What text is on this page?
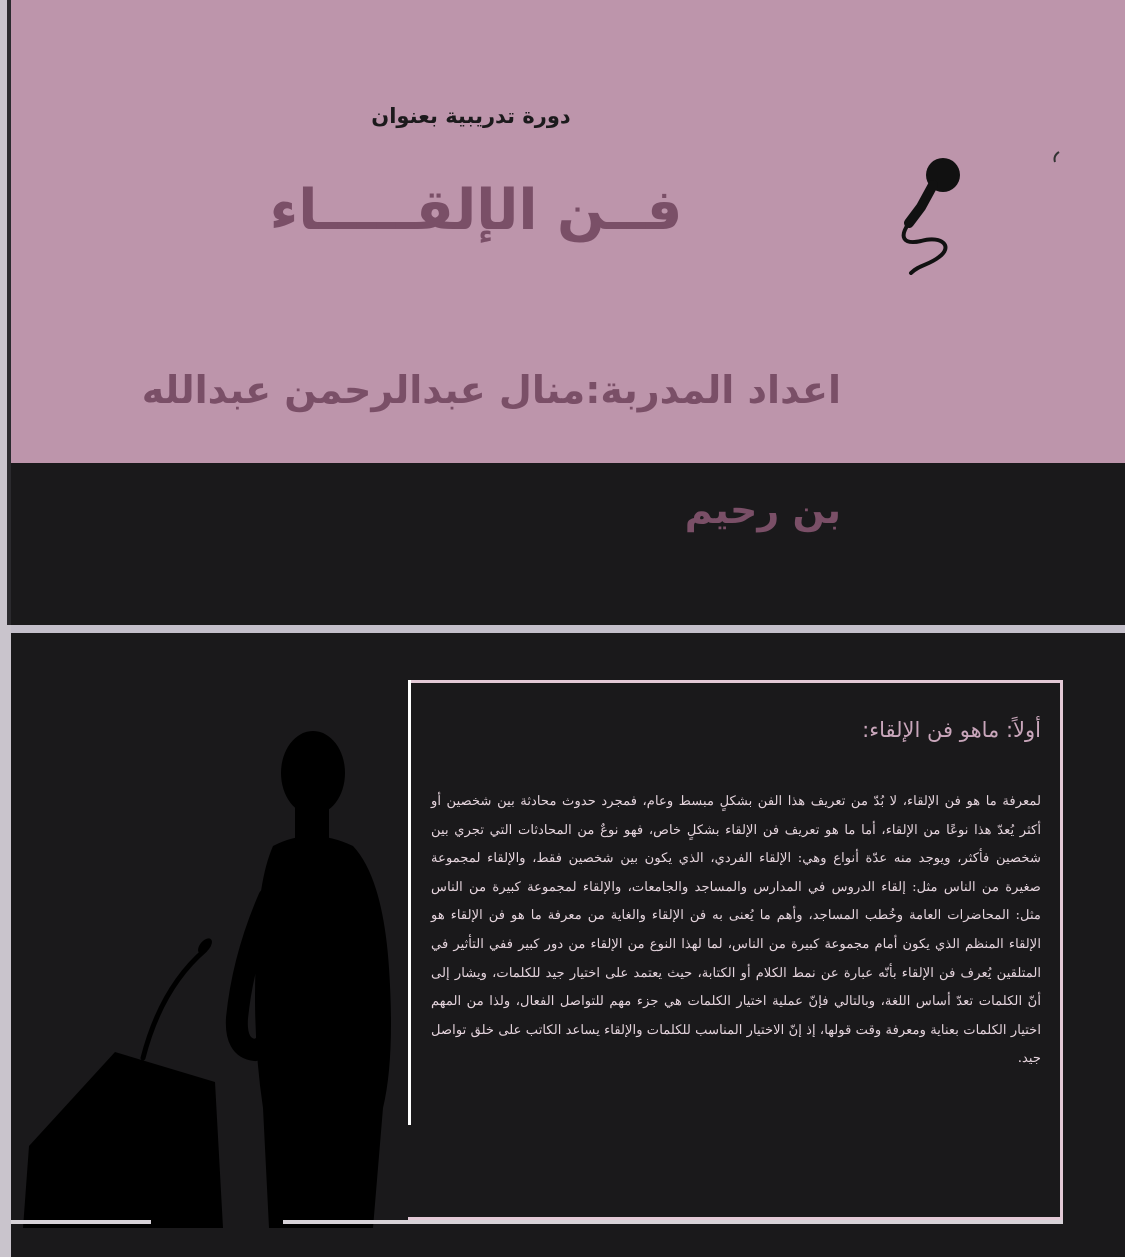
دورة تدريبية بعنوان
فــن الإلقـــــاء
اعداد المدربة:منال عبدالرحمن عبدالله بن رحيم
:أولاً: ماهو فن الإلقاء

لمعرفة ما هو فن الإلقاء، لا بُدّ من تعريف هذا الفن بشكلٍ مبسط وعام، فمجرد حدوث محادثة بين شخصين أو أكثر يُعدّ هذا نوعًا من الإلقاء، أما ما هو تعريف فن الإلقاء بشكلٍ خاص، فهو نوعٌ من المحادثات التي تجري بين شخصين فأكثر، ويوجد منه عدّة أنواع وهي: الإلقاء الفردي، الذي يكون بين شخصين فقط، والإلقاء لمجموعة صغيرة من الناس مثل: إلقاء الدروس في المدارس والمساجد والجامعات، والإلقاء لمجموعة كبيرة من الناس مثل: المحاضرات العامة وخُطب المساجد، وأهم ما يُعنى به فن الإلقاء والغاية من معرفة ما هو فن الإلقاء هو الإلقاء المنظم الذي يكون أمام مجموعة كبيرة من الناس، لما لهذا النوع من الإلقاء من دور كبير ففي التأثير في المتلقين يُعرف فن الإلقاء بأنّه عبارة عن نمط الكلام أو الكتابة، حيث يعتمد على اختيار جيد للكلمات، ويشار إلى أنّ الكلمات تعدّ أساس اللغة، وبالتالي فإنّ عملية اختيار الكلمات هي جزء مهم للتواصل الفعال، ولذا من المهم اختيار الكلمات بعناية ومعرفة وقت قولها، إذ إنّ الاختيار المناسب للكلمات والإلقاء يساعد الكاتب على خلق تواصل جيد.
